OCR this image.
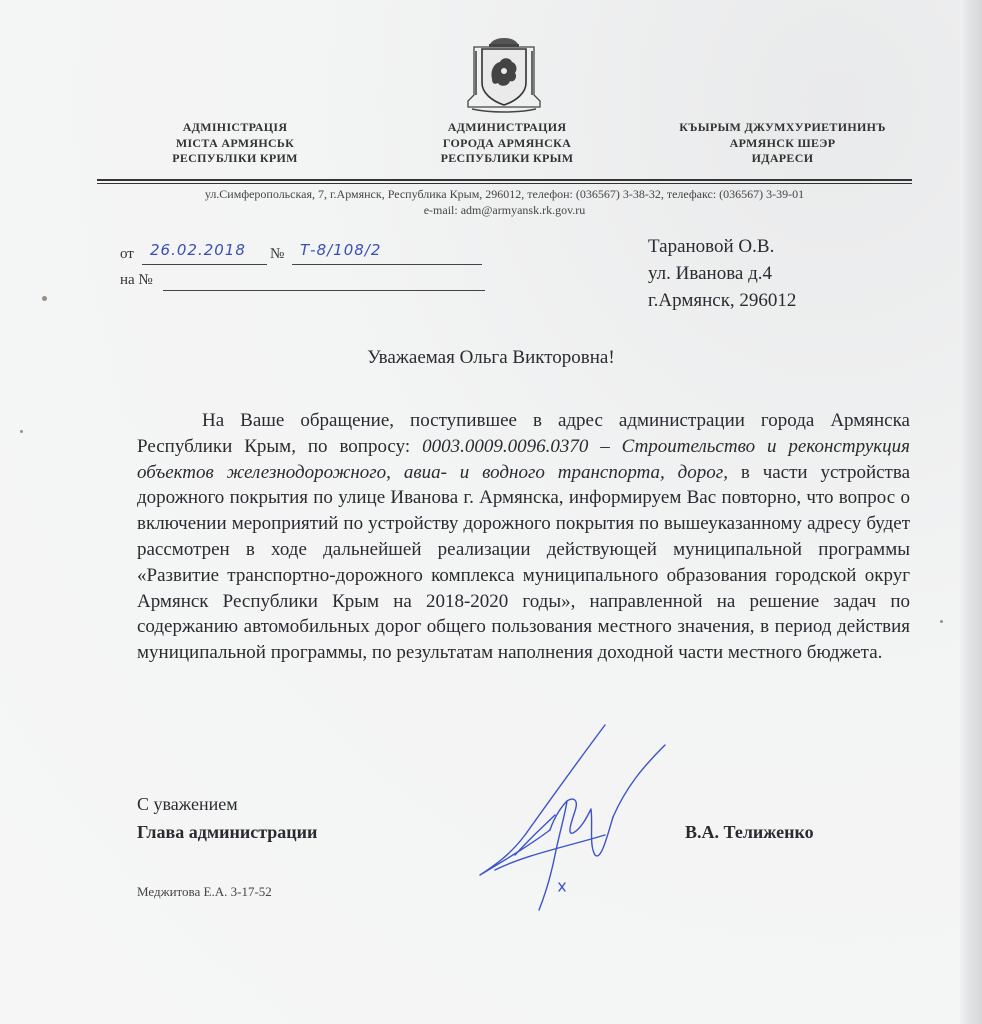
АДМІНІСТРАЦІЯ
МІСТА АРМЯНСЬК
РЕСПУБЛІКИ КРИМ
АДМИНИСТРАЦИЯ
ГОРОДА АРМЯНСКА
РЕСПУБЛИКИ КРЫМ
КЪЫРЫМ ДЖУМХУРИЕТИНИНЪ
АРМЯНСК ШЕЭР
ИДАРЕСИ
ул.Симферопольская, 7, г.Армянск, Республика Крым, 296012, телефон: (036567) 3-38-32, телефакс: (036567) 3-39-01
e-mail: adm@armyansk.rk.gov.ru
от 26.02.2018 № Т-8/108/2
на №
Тарановой О.В.
ул. Иванова д.4
г.Армянск, 296012
Уважаемая Ольга Викторовна!

На Ваше обращение, поступившее в адрес администрации города Армянска Республики Крым, по вопросу: 0003.0009.0096.0370 – Строительство и реконструкция объектов железнодорожного, авиа- и водного транспорта, дорог, в части устройства дорожного покрытия по улице Иванова г. Армянска, информируем Вас повторно, что вопрос о включении мероприятий по устройству дорожного покрытия по вышеуказанному адресу будет рассмотрен в ходе дальнейшей реализации действующей муниципальной программы «Развитие транспортно-дорожного комплекса муниципального образования городской округ Армянск Республики Крым на 2018-2020 годы», направленной на решение задач по содержанию автомобильных дорог общего пользования местного значения, в период действия муниципальной программы, по результатам наполнения доходной части местного бюджета.

С уважением
Глава администрации	В.А. Телиженко
Меджитова Е.А. 3-17-52
